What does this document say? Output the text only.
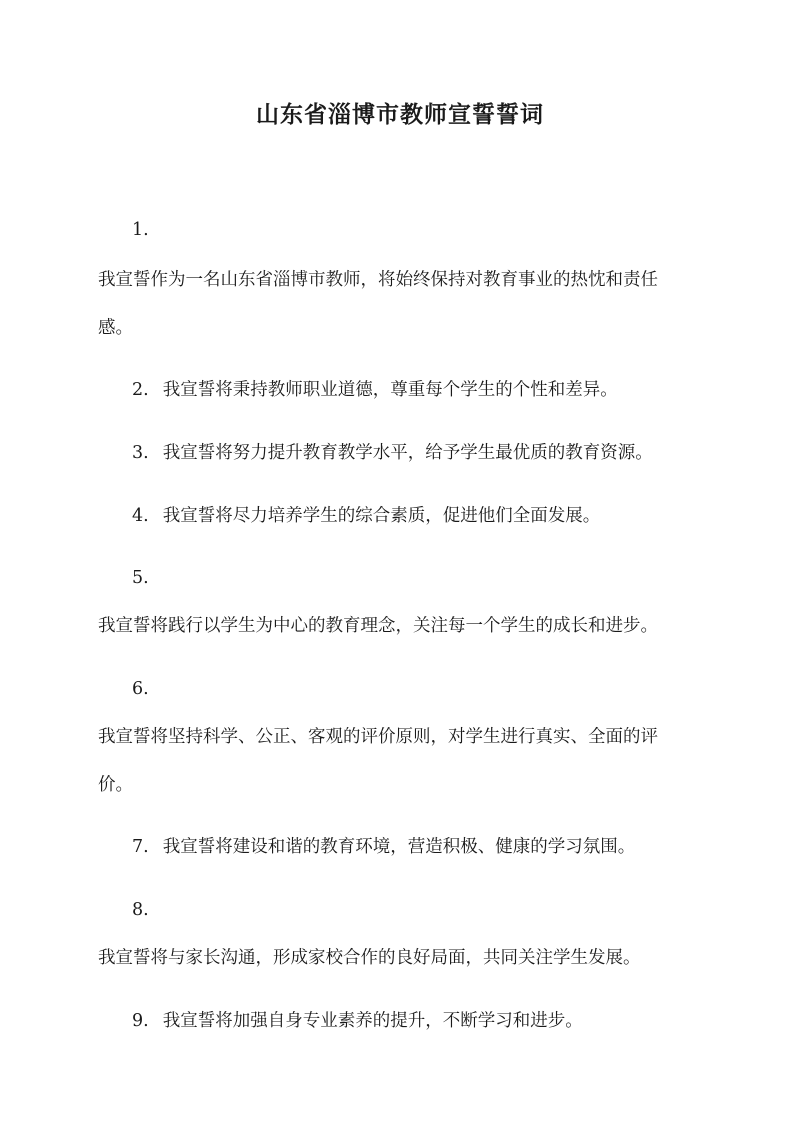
山东省淄博市教师宣誓誓词
1.
我宣誓作为一名山东省淄博市教师，将始终保持对教育事业的热忱和责任
感。
2. 我宣誓将秉持教师职业道德，尊重每个学生的个性和差异。
3. 我宣誓将努力提升教育教学水平，给予学生最优质的教育资源。
4. 我宣誓将尽力培养学生的综合素质，促进他们全面发展。
5.
我宣誓将践行以学生为中心的教育理念，关注每一个学生的成长和进步。
6.
我宣誓将坚持科学、公正、客观的评价原则，对学生进行真实、全面的评
价。
7. 我宣誓将建设和谐的教育环境，营造积极、健康的学习氛围。
8.
我宣誓将与家长沟通，形成家校合作的良好局面，共同关注学生发展。
9. 我宣誓将加强自身专业素养的提升，不断学习和进步。
